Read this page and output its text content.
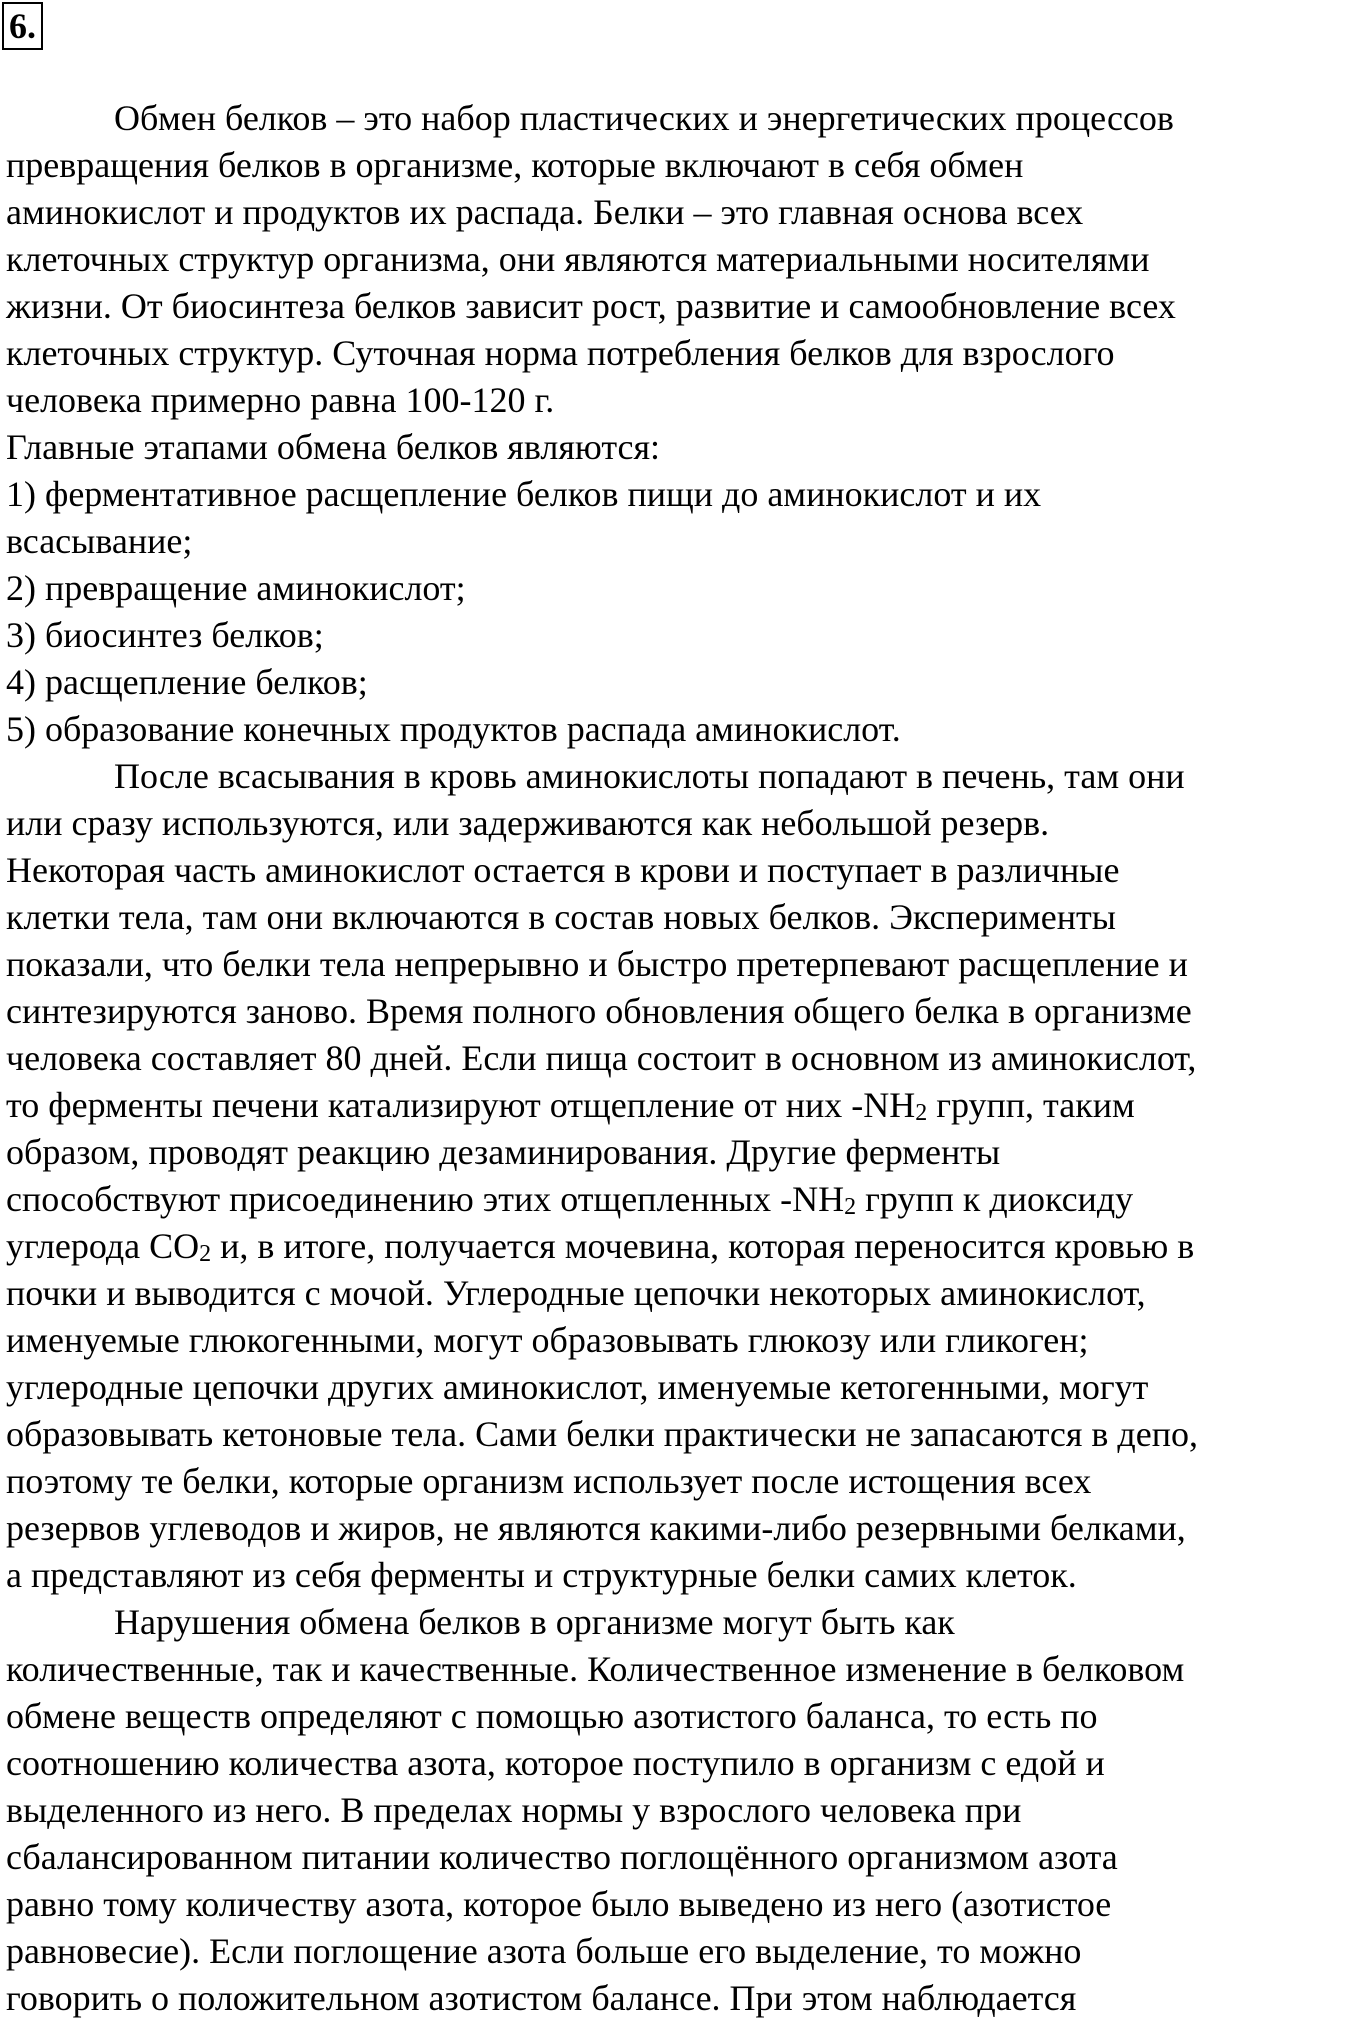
6.
Обмен белков – это набор пластических и энергетических процессов
превращения белков в организме, которые включают в себя обмен
аминокислот и продуктов их распада. Белки – это главная основа всех
клеточных структур организма, они являются материальными носителями
жизни. От биосинтеза белков зависит рост, развитие и самообновление всех
клеточных структур. Суточная норма потребления белков для взрослого
человека примерно равна 100-120 г.
Главные этапами обмена белков являются:
1) ферментативное расщепление белков пищи до аминокислот и их
всасывание;
2) превращение аминокислот;
3) биосинтез белков;
4) расщепление белков;
5) образование конечных продуктов распада аминокислот.
После всасывания в кровь аминокислоты попадают в печень, там они
или сразу используются, или задерживаются как небольшой резерв.
Некоторая часть аминокислот остается в крови и поступает в различные
клетки тела, там они включаются в состав новых белков. Эксперименты
показали, что белки тела непрерывно и быстро претерпевают расщепление и
синтезируются заново. Время полного обновления общего белка в организме
человека составляет 80 дней. Если пища состоит в основном из аминокислот,
то ферменты печени катализируют отщепление от них $-NH_2$ групп, таким
образом, проводят реакцию дезаминирования. Другие ферменты
способствуют присоединению этих отщепленных $-NH_2$ групп к диоксиду
углерода $CO_2$ и, в итоге, получается мочевина, которая переносится кровью в
почки и выводится с мочой. Углеродные цепочки некоторых аминокислот,
именуемые глюкогенными, могут образовывать глюкозу или гликоген;
углеродные цепочки других аминокислот, именуемые кетогенными, могут
образовывать кетоновые тела. Сами белки практически не запасаются в депо,
поэтому те белки, которые организм использует после истощения всех
резервов углеводов и жиров, не являются какими-либо резервными белками,
а представляют из себя ферменты и структурные белки самих клеток.
Нарушения обмена белков в организме могут быть как
количественные, так и качественные. Количественное изменение в белковом
обмене веществ определяют с помощью азотистого баланса, то есть по
соотношению количества азота, которое поступило в организм с едой и
выделенного из него. В пределах нормы у взрослого человека при
сбалансированном питании количество поглощённого организмом азота
равно тому количеству азота, которое было выведено из него (азотистое
равновесие). Если поглощение азота больше его выделение, то можно
говорить о положительном азотистом балансе. При этом наблюдается
